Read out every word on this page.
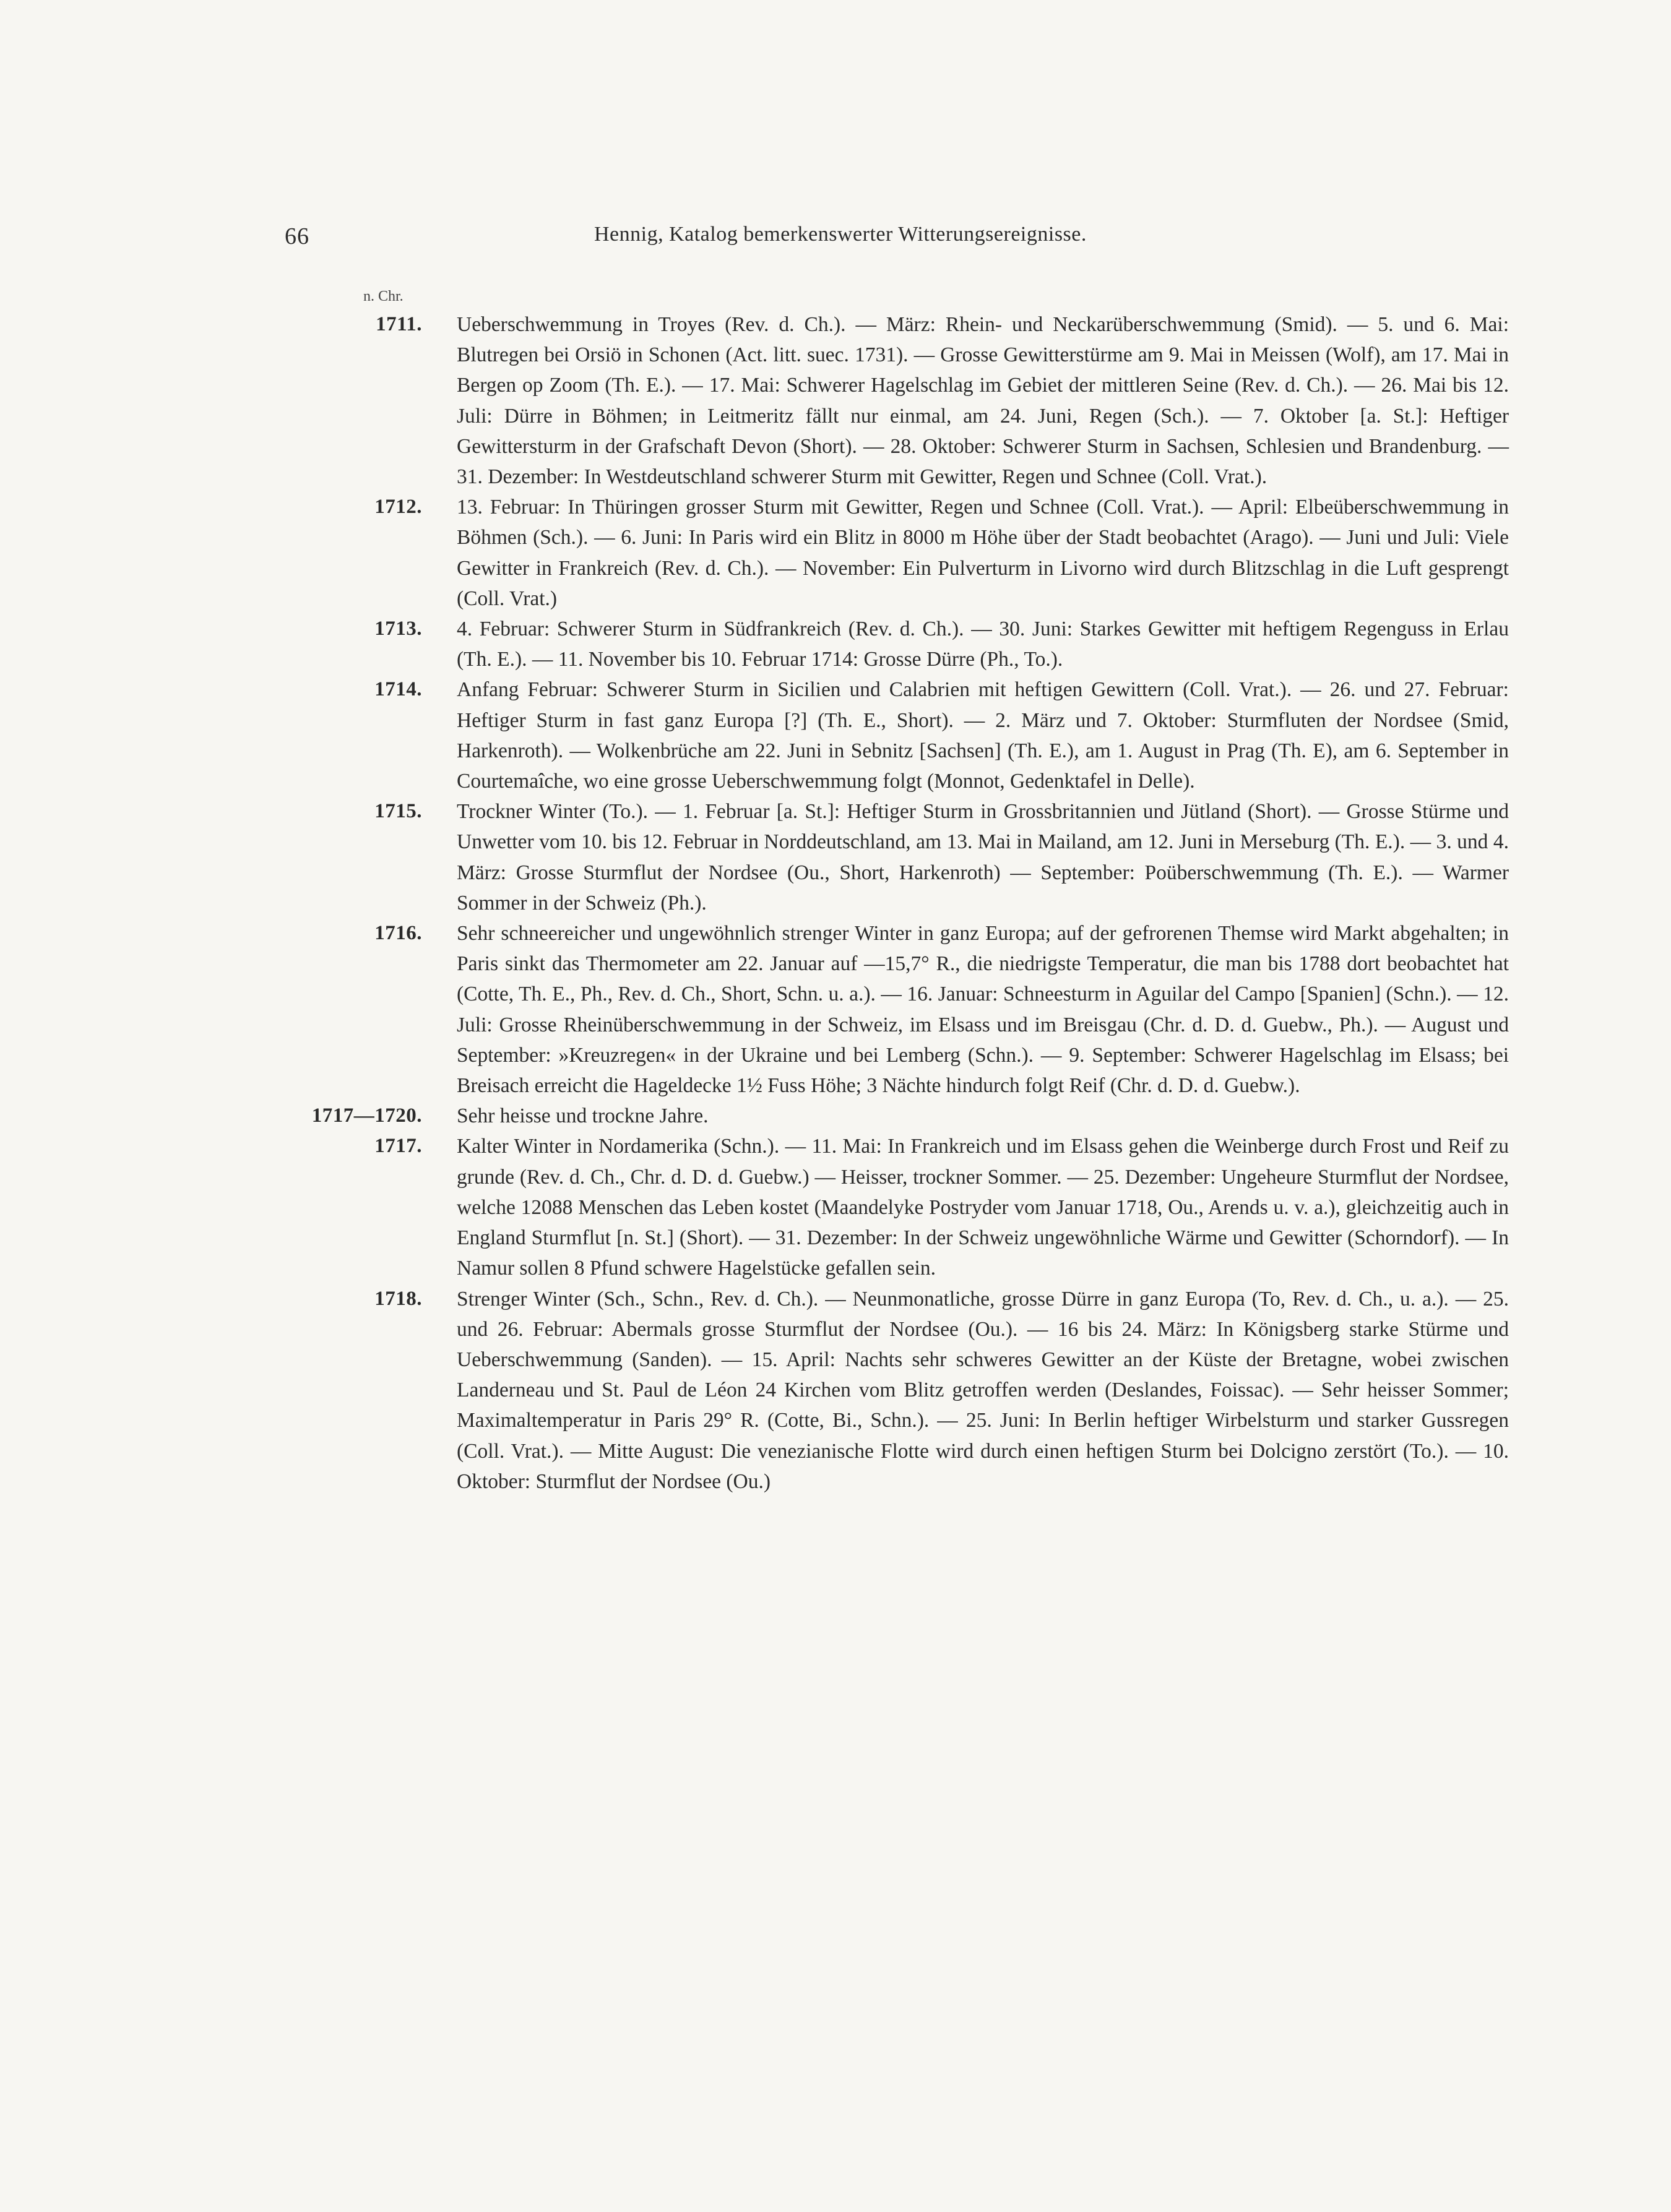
66	Hennig, Katalog bemerkenswerter Witterungsereignisse.
n. Chr.
1711. Ueberschwemmung in Troyes (Rev. d. Ch.). — März: Rhein- und Neckarüberschwemmung (Smid). — 5. und 6. Mai: Blutregen bei Orsiö in Schonen (Act. litt. suec. 1731). — Grosse Gewitterstürme am 9. Mai in Meissen (Wolf), am 17. Mai in Bergen op Zoom (Th. E.). — 17. Mai: Schwerer Hagelschlag im Gebiet der mittleren Seine (Rev. d. Ch.). — 26. Mai bis 12. Juli: Dürre in Böhmen; in Leitmeritz fällt nur einmal, am 24. Juni, Regen (Sch.). — 7. Oktober [a. St.]: Heftiger Gewittersturm in der Grafschaft Devon (Short). — 28. Oktober: Schwerer Sturm in Sachsen, Schlesien und Brandenburg. — 31. Dezember: In Westdeutschland schwerer Sturm mit Gewitter, Regen und Schnee (Coll. Vrat.).
1712. 13. Februar: In Thüringen grosser Sturm mit Gewitter, Regen und Schnee (Coll. Vrat.). — April: Elbeüberschwemmung in Böhmen (Sch.). — 6. Juni: In Paris wird ein Blitz in 8000 m Höhe über der Stadt beobachtet (Arago). — Juni und Juli: Viele Gewitter in Frankreich (Rev. d. Ch.). — November: Ein Pulverturm in Livorno wird durch Blitzschlag in die Luft gesprengt (Coll. Vrat.)
1713. 4. Februar: Schwerer Sturm in Südfrankreich (Rev. d. Ch.). — 30. Juni: Starkes Gewitter mit heftigem Regenguss in Erlau (Th. E.). — 11. November bis 10. Februar 1714: Grosse Dürre (Ph., To.).
1714. Anfang Februar: Schwerer Sturm in Sicilien und Calabrien mit heftigen Gewittern (Coll. Vrat.). — 26. und 27. Februar: Heftiger Sturm in fast ganz Europa [?] (Th. E., Short). — 2. März und 7. Oktober: Sturmfluten der Nordsee (Smid, Harkenroth). — Wolkenbrüche am 22. Juni in Sebnitz [Sachsen] (Th. E.), am 1. August in Prag (Th. E), am 6. September in Courtemaîche, wo eine grosse Ueberschwemmung folgt (Monnot, Gedenktafel in Delle).
1715. Trockner Winter (To.). — 1. Februar [a. St.]: Heftiger Sturm in Grossbritannien und Jütland (Short). — Grosse Stürme und Unwetter vom 10. bis 12. Februar in Norddeutschland, am 13. Mai in Mailand, am 12. Juni in Merseburg (Th. E.). — 3. und 4. März: Grosse Sturmflut der Nordsee (Ou., Short, Harkenroth) — September: Poüberschwemmung (Th. E.). — Warmer Sommer in der Schweiz (Ph.).
1716. Sehr schneereicher und ungewöhnlich strenger Winter in ganz Europa; auf der gefrorenen Themse wird Markt abgehalten; in Paris sinkt das Thermometer am 22. Januar auf —15,7° R., die niedrigste Temperatur, die man bis 1788 dort beobachtet hat (Cotte, Th. E., Ph., Rev. d. Ch., Short, Schn. u. a.). — 16. Januar: Schneesturm in Aguilar del Campo [Spanien] (Schn.). — 12. Juli: Grosse Rheinüberschwemmung in der Schweiz, im Elsass und im Breisgau (Chr. d. D. d. Guebw., Ph.). — August und September: »Kreuzregen« in der Ukraine und bei Lemberg (Schn.). — 9. September: Schwerer Hagelschlag im Elsass; bei Breisach erreicht die Hageldecke 1½ Fuss Höhe; 3 Nächte hindurch folgt Reif (Chr. d. D. d. Guebw.).
1717—1720. Sehr heisse und trockne Jahre.
1717. Kalter Winter in Nordamerika (Schn.). — 11. Mai: In Frankreich und im Elsass gehen die Weinberge durch Frost und Reif zu grunde (Rev. d. Ch., Chr. d. D. d. Guebw.) — Heisser, trockner Sommer. — 25. Dezember: Ungeheure Sturmflut der Nordsee, welche 12088 Menschen das Leben kostet (Maandelyke Postryder vom Januar 1718, Ou., Arends u. v. a.), gleichzeitig auch in England Sturmflut [n. St.] (Short). — 31. Dezember: In der Schweiz ungewöhnliche Wärme und Gewitter (Schorndorf). — In Namur sollen 8 Pfund schwere Hagelstücke gefallen sein.
1718. Strenger Winter (Sch., Schn., Rev. d. Ch.). — Neunmonatliche, grosse Dürre in ganz Europa (To, Rev. d. Ch., u. a.). — 25. und 26. Februar: Abermals grosse Sturmflut der Nordsee (Ou.). — 16 bis 24. März: In Königsberg starke Stürme und Ueberschwemmung (Sanden). — 15. April: Nachts sehr schweres Gewitter an der Küste der Bretagne, wobei zwischen Landerneau und St. Paul de Léon 24 Kirchen vom Blitz getroffen werden (Deslandes, Foissac). — Sehr heisser Sommer; Maximaltemperatur in Paris 29° R. (Cotte, Bi., Schn.). — 25. Juni: In Berlin heftiger Wirbelsturm und starker Gussregen (Coll. Vrat.). — Mitte August: Die venezianische Flotte wird durch einen heftigen Sturm bei Dolcigno zerstört (To.). — 10. Oktober: Sturmflut der Nordsee (Ou.)
